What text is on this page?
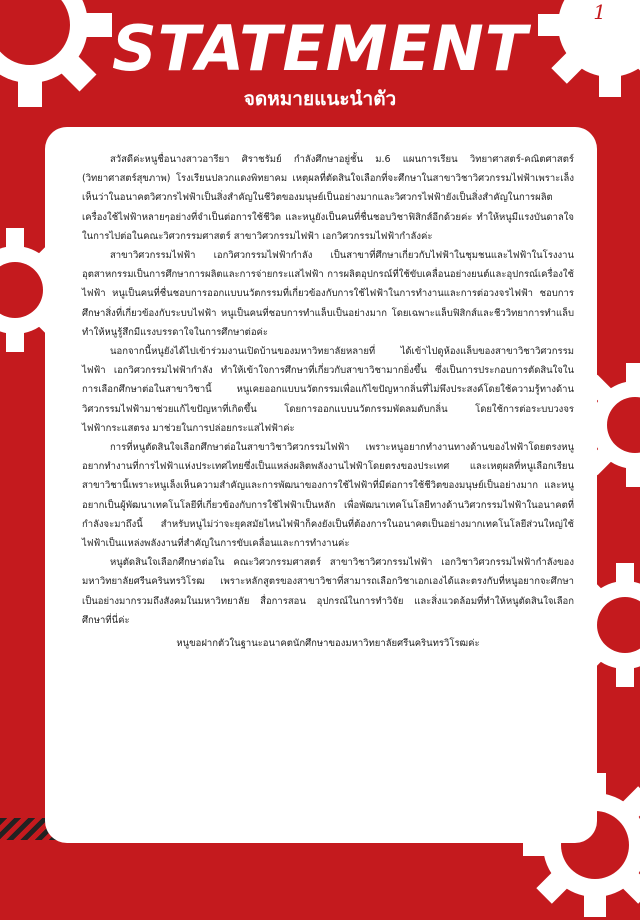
1
STATEMENT
จดหมายแนะนำตัว

สวัสดีค่ะหนูชื่อนางสาวอารียา ศิราชรัมย์ กำลังศึกษาอยู่ชั้น ม.6 แผนการเรียน วิทยาศาสตร์-คณิตศาสตร์ (วิทยาศาสตร์สุขภาพ) โรงเรียนปลวกแดงพิทยาคม เหตุผลที่ตัดสินใจเลือกที่จะศึกษาในสาขาวิชาวิศวกรรมไฟฟ้าเพราะเล็งเห็นว่าในอนาคตวิศวกรไฟฟ้าเป็นสิ่งสำคัญในชีวิตของมนุษย์เป็นอย่างมากและวิศวกรไฟฟ้ายังเป็นสิ่งสำคัญในการผลิตเครื่องใช้ไฟฟ้าหลายๆอย่างที่จำเป็นต่อการใช้ชีวิต และหนูยังเป็นคนที่ชื่นชอบวิชาฟิสิกส์อีกด้วยค่ะ ทำให้หนูมีแรงบันดาลใจในการไปต่อในคณะวิศวกรรมศาสตร์ สาขาวิศวกรรมไฟฟ้า เอกวิศวกรรมไฟฟ้ากำลังค่ะ

สาขาวิศวกรรมไฟฟ้า เอกวิศวกรรมไฟฟ้ากำลัง เป็นสาขาที่ศึกษาเกี่ยวกับไฟฟ้าในชุมชนและไฟฟ้าในโรงงานอุตสาหกรรมเป็นการศึกษาการผลิตและการจ่ายกระแสไฟฟ้า การผลิตอุปกรณ์ที่ใช้ขับเคลื่อนอย่างยนต์และอุปกรณ์เครื่องใช้ไฟฟ้า หนูเป็นคนที่ชื่นชอบการออกแบบนวัตกรรมที่เกี่ยวข้องกับการใช้ไฟฟ้าในการทำงานและการต่อวงจรไฟฟ้า ชอบการศึกษาสิ่งที่เกี่ยวข้องกับระบบไฟฟ้า หนูเป็นคนที่ชอบการทำแล็บเป็นอย่างมาก โดยเฉพาะแล็บฟิสิกส์และชีววิทยาการทำแล็บทำให้หนูรู้สึกมีแรงบรรดาใจในการศึกษาต่อค่ะ

นอกจากนี้หนูยังได้ไปเข้าร่วมงานเปิดบ้านของมหาวิทยาลัยหลายที่ ได้เข้าไปดูห้องแล็บของสาขาวิชาวิศวกรรมไฟฟ้า เอกวิศวกรรมไฟฟ้ากำลัง ทำให้เข้าใจการศึกษาที่เกี่ยวกับสาขาวิชามากยิ่งขึ้น ซึ่งเป็นการประกอบการตัดสินใจในการเลือกศึกษาต่อในสาขาวิชานี้ หนูเคยออกแบบนวัตกรรมเพื่อแก้ไขปัญหากลิ่นที่ไม่พึงประสงค์โดยใช้ความรู้ทางด้านวิศวกรรมไฟฟ้ามาช่วยแก้ไขปัญหาที่เกิดขึ้น โดยการออกแบบนวัตกรรมพัดลมดับกลิ่น โดยใช้การต่อระบบวงจรไฟฟ้ากระแสตรง มาช่วยในการปล่อยกระแสไฟฟ้าค่ะ

การที่หนูตัดสินใจเลือกศึกษาต่อในสาขาวิชาวิศวกรรมไฟฟ้า เพราะหนูอยากทำงานทางด้านของไฟฟ้าโดยตรงหนูอยากทำงานที่การไฟฟ้าแห่งประเทศไทยซึ่งเป็นแหล่งผลิตพลังงานไฟฟ้าโดยตรงของประเทศ และเหตุผลที่หนูเลือกเรียนสาขาวิชานี้เพราะหนูเล็งเห็นความสำคัญและการพัฒนาของการใช้ไฟฟ้าที่มีต่อการใช้ชีวิตของมนุษย์เป็นอย่างมาก และหนูอยากเป็นผู้พัฒนาเทคโนโลยีที่เกี่ยวข้องกับการใช้ไฟฟ้าเป็นหลัก เพื่อพัฒนาเทคโนโลยีทางด้านวิศวกรรมไฟฟ้าในอนาคตที่กำลังจะมาถึงนี้ สำหรับหนูไม่ว่าจะยุคสมัยไหนไฟฟ้าก็คงยังเป็นที่ต้องการในอนาคตเป็นอย่างมากเทคโนโลยีส่วนใหญ่ใช้ไฟฟ้าเป็นแหล่งพลังงานที่สำคัญในการขับเคลื่อนและการทำงานค่ะ

หนูตัดสินใจเลือกศึกษาต่อใน คณะวิศวกรรมศาสตร์ สาขาวิชาวิศวกรรมไฟฟ้า เอกวิชาวิศวกรรมไฟฟ้ากำลังของมหาวิทยาลัยศรีนครินทรวิโรฒ เพราะหลักสูตรของสาขาวิชาที่สามารถเลือกวิชาเอกเองได้และตรงกับที่หนูอยากจะศึกษาเป็นอย่างมากรวมถึงสังคมในมหาวิทยาลัย สื่อการสอน อุปกรณ์ในการทำวิจัย และสิ่งแวดล้อมที่ทำให้หนูตัดสินใจเลือกศึกษาที่นี่ค่ะ

หนูขอฝากตัวในฐานะอนาคตนักศึกษาของมหาวิทยาลัยศรีนครินทรวิโรฒค่ะ
